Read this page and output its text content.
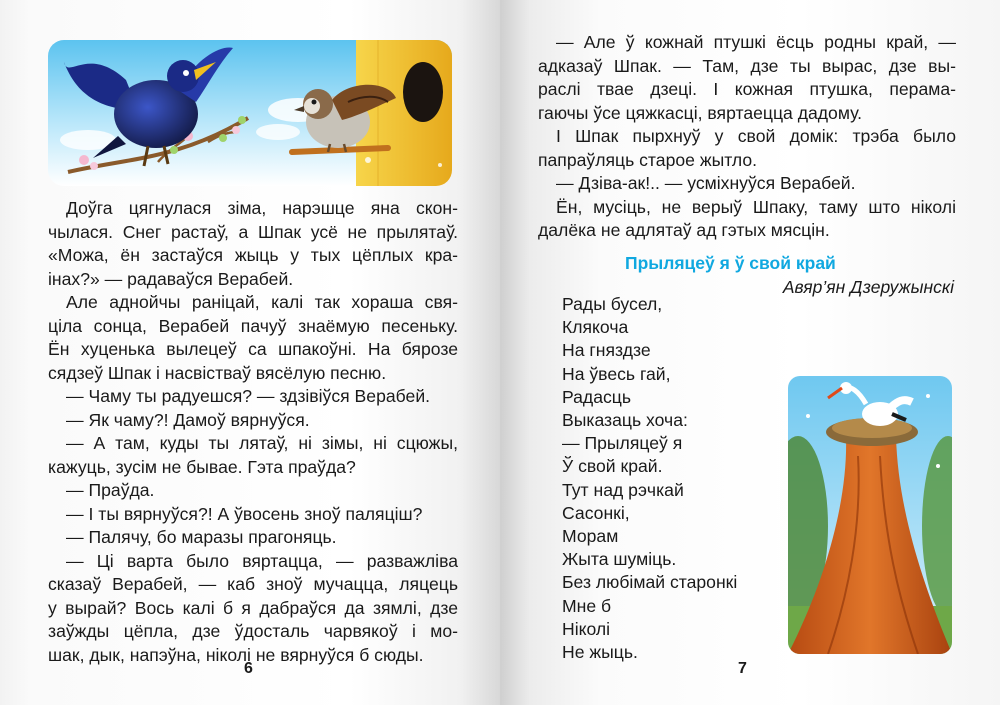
Доўга цягнулася зіма, нарэшце яна скон-
чылася. Снег растаў, а Шпак усё не прылятаў.
«Можа, ён застаўся жыць у тых цёплых кра-
інах?» — радаваўся Верабей.

Але аднойчы раніцай, калі так хораша свя-
ціла сонца, Верабей пачуў знаёмую песеньку.
Ён хуценька вылецеў са шпакоўні. На бярозе
сядзеў Шпак і насвістваў вясёлую песню.

— Чаму ты радуешся? — здзівіўся Верабей.

— Як чаму?! Дамоў вярнуўся.

— А там, куды ты лятаў, ні зімы, ні сцюжы,
кажуць, зусім не бывае. Гэта праўда?

— Праўда.

— І ты вярнуўся?! А ўвосень зноў паляціш?

— Палячу, бо маразы прагоняць.

— Ці варта было вяртацца, — разважліва
сказаў Верабей, — каб зноў мучацца, ляцець
у вырай? Вось калі б я дабраўся да зямлі, дзе
заўжды цёпла, дзе ўдосталь чарвякоў і мо-
шак, дык, напэўна, ніколі не вярнуўся б сюды.

6

— Але ў кожнай птушкі ёсць родны край, —
адказаў Шпак. — Там, дзе ты вырас, дзе вы-
раслі твае дзеці. І кожная птушка, перама-
гаючы ўсе цяжкасці, вяртаецца дадому.

І Шпак пырхнуў у свой домік: трэба было
папраўляць старое жытло.

— Дзіва-ак!.. — усміхнуўся Верабей.

Ён, мусіць, не верыў Шпаку, таму што ніколі
далёка не адлятаў ад гэтых мясцін.

7
Прыляцеў я ў свой край
Авяр’ян Дзеружынскі
Рады бусел,
Клякоча
На гняздзе
На ўвесь гай,
Радасць
Выказаць хоча:
— Прыляцеў я
Ў свой край.
Тут над рэчкай
Сасонкі,
Морам
Жыта шуміць.
Без любімай старонкі
Мне б
Ніколі
Не жыць.
